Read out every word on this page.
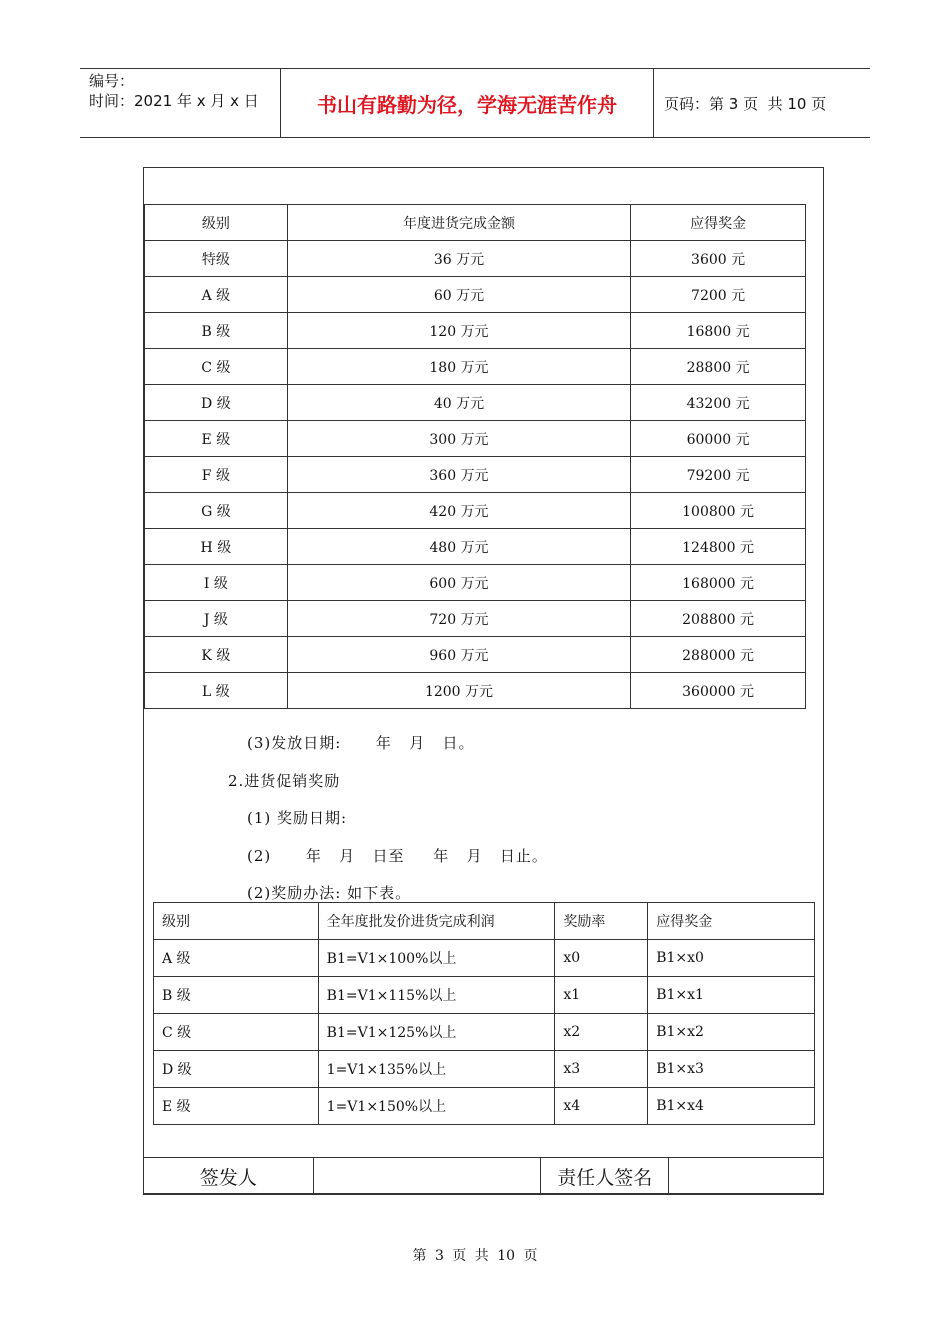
编号：
时间：2021 年 x 月 x 日	书山有路勤为径，学海无涯苦作舟	页码：第 3 页  共 10 页
级别	年度进货完成金额	应得奖金
特级	36 万元	3600 元
A 级	60 万元	7200 元
B 级	120 万元	16800 元
C 级	180 万元	28800 元
D 级	40 万元	43200 元
E 级	300 万元	60000 元
F 级	360 万元	79200 元
G 级	420 万元	100800 元
H 级	480 万元	124800 元
I 级	600 万元	168000 元
J 级	720 万元	208800 元
K 级	960 万元	288000 元
L 级	1200 万元	360000 元
(3)发放日期:      年   月   日。
2.进货促销奖励
(1) 奖励日期:
(2)      年   月   日至     年   月   日止。
(2)奖励办法: 如下表。
级别	全年度批发价进货完成利润	奖励率	应得奖金
A 级	B1=V1×100%以上	x0	B1×x0
B 级	B1=V1×115%以上	x1	B1×x1
C 级	B1=V1×125%以上	x2	B1×x2
D 级	1=V1×135%以上	x3	B1×x3
E 级	1=V1×150%以上	x4	B1×x4
签发人		责任人签名	
第 3 页 共 10 页
